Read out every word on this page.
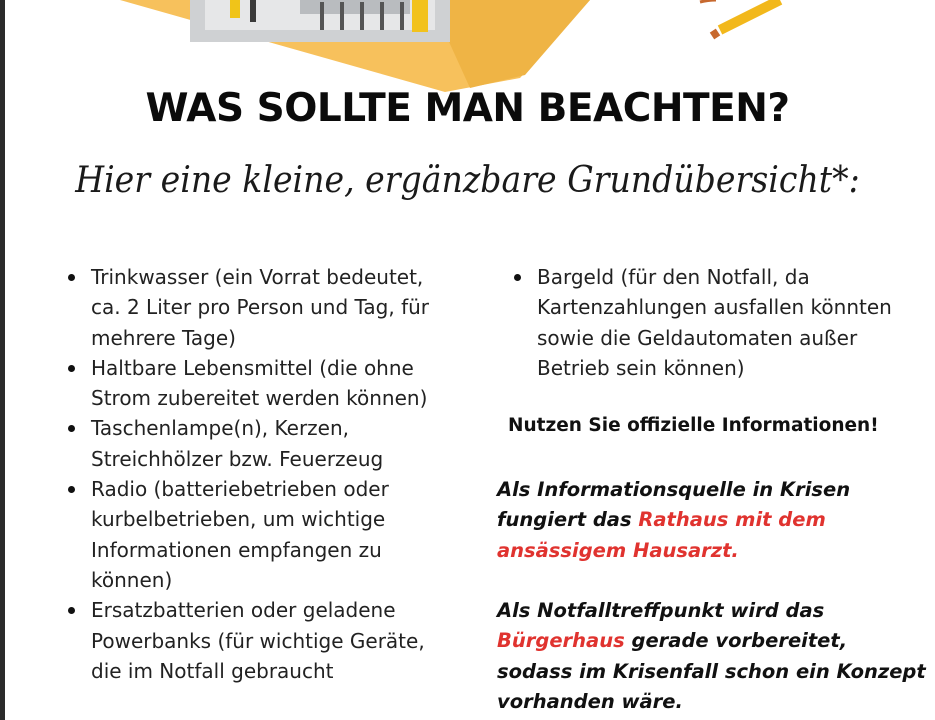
WAS SOLLTE MAN BEACHTEN?

Hier eine kleine, ergänzbare Grundübersicht*:

Trinkwasser (ein Vorrat bedeutet, ca. 2 Liter pro Person und Tag, für mehrere Tage)
Haltbare Lebensmittel (die ohne Strom zubereitet werden können)
Taschenlampe(n), Kerzen, Streichhölzer bzw. Feuerzeug
Radio (batteriebetrieben oder kurbelbetrieben, um wichtige Informationen empfangen zu können)
Ersatzbatterien oder geladene Powerbanks (für wichtige Geräte, die im Notfall gebraucht
Bargeld (für den Notfall, da Kartenzahlungen ausfallen könnten sowie die Geldautomaten außer Betrieb sein können)

Nutzen Sie offizielle Informationen!

Als Informationsquelle in Krisen fungiert das Rathaus mit dem ansässigem Hausarzt.

Als Notfalltreffpunkt wird das Bürgerhaus gerade vorbereitet, sodass im Krisenfall schon ein Konzept vorhanden wäre.
